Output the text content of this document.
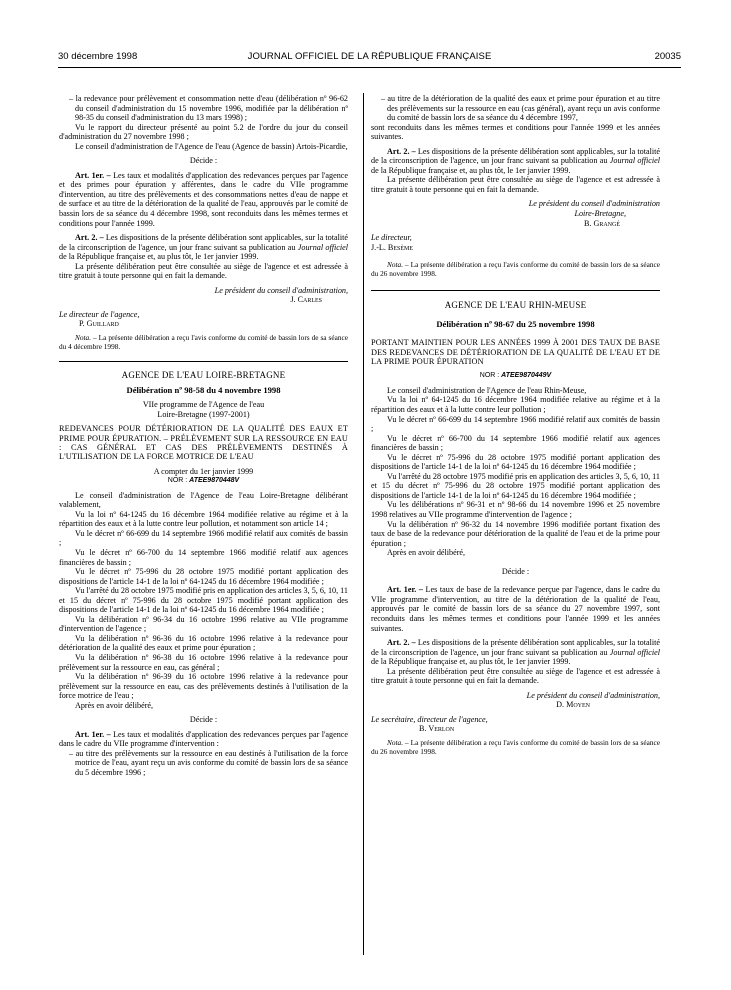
30 décembre 1998	JOURNAL OFFICIEL DE LA RÉPUBLIQUE FRANÇAISE	20035

– la redevance pour prélèvement et consommation nette d'eau (délibération nº 96-62 du conseil d'administration du 15 novembre 1996, modifiée par la délibération nº 98-35 du conseil d'administration du 13 mars 1998) ;

Vu le rapport du directeur présenté au point 5.2 de l'ordre du jour du conseil d'administration du 27 novembre 1998 ;

Le conseil d'administration de l'Agence de l'eau (Agence de bassin) Artois-Picardie,

Décide :

Art. 1er. – Les taux et modalités d'application des redevances perçues par l'agence et des primes pour épuration y afférentes, dans le cadre du VIIe programme d'intervention, au titre des prélèvements et des consommations nettes d'eau de nappe et de surface et au titre de la détérioration de la qualité de l'eau, approuvés par le comité de bassin lors de sa séance du 4 décembre 1998, sont reconduits dans les mêmes termes et conditions pour l'année 1999.

Art. 2. – Les dispositions de la présente délibération sont applicables, sur la totalité de la circonscription de l'agence, un jour franc suivant sa publication au Journal officiel de la République française et, au plus tôt, le 1er janvier 1999.

La présente délibération peut être consultée au siège de l'agence et est adressée à titre gratuit à toute personne qui en fait la demande.

Le président du conseil d'administration,

J. Carles

Le directeur de l'agence,

P. Guillard

Nota. – La présente délibération a reçu l'avis conforme du comité de bassin lors de sa séance du 4 décembre 1998.

AGENCE DE L'EAU LOIRE-BRETAGNE

Délibération nº 98-58 du 4 novembre 1998

VIIe programme de l'Agence de l'eau

Loire-Bretagne (1997-2001)

REDEVANCES POUR DÉTÉRIORATION DE LA QUALITÉ DES EAUX ET PRIME POUR ÉPURATION. – PRÉLÈVEMENT SUR LA RESSOURCE EN EAU : CAS GÉNÉRAL ET CAS DES PRÉLÈVEMENTS DESTINÉS À L'UTILISATION DE LA FORCE MOTRICE DE L'EAU

A compter du 1er janvier 1999

NOR : ATEE9870448V

Le conseil d'administration de l'Agence de l'eau Loire-Bretagne délibérant valablement,

Vu la loi nº 64-1245 du 16 décembre 1964 modifiée relative au régime et à la répartition des eaux et à la lutte contre leur pollution, et notamment son article 14 ;

Vu le décret nº 66-699 du 14 septembre 1966 modifié relatif aux comités de bassin ;

Vu le décret nº 66-700 du 14 septembre 1966 modifié relatif aux agences financières de bassin ;

Vu le décret nº 75-996 du 28 octobre 1975 modifié portant application des dispositions de l'article 14-1 de la loi nº 64-1245 du 16 décembre 1964 modifiée ;

Vu l'arrêté du 28 octobre 1975 modifié pris en application des articles 3, 5, 6, 10, 11 et 15 du décret nº 75-996 du 28 octobre 1975 modifié portant application des dispositions de l'article 14-1 de la loi nº 64-1245 du 16 décembre 1964 modifiée ;

Vu la délibération nº 96-34 du 16 octobre 1996 relative au VIIe programme d'intervention de l'agence ;

Vu la délibération nº 96-36 du 16 octobre 1996 relative à la redevance pour détérioration de la qualité des eaux et prime pour épuration ;

Vu la délibération nº 96-38 du 16 octobre 1996 relative à la redevance pour prélèvement sur la ressource en eau, cas général ;

Vu la délibération nº 96-39 du 16 octobre 1996 relative à la redevance pour prélèvement sur la ressource en eau, cas des prélèvements destinés à l'utilisation de la force motrice de l'eau ;

Après en avoir délibéré,

Décide :

Art. 1er. – Les taux et modalités d'application des redevances perçues par l'agence dans le cadre du VIIe programme d'intervention :

– au titre des prélèvements sur la ressource en eau destinés à l'utilisation de la force motrice de l'eau, ayant reçu un avis conforme du comité de bassin lors de sa séance du 5 décembre 1996 ;

– au titre de la détérioration de la qualité des eaux et prime pour épuration et au titre des prélèvements sur la ressource en eau (cas général), ayant reçu un avis conforme du comité de bassin lors de sa séance du 4 décembre 1997,

sont reconduits dans les mêmes termes et conditions pour l'année 1999 et les années suivantes.

Art. 2. – Les dispositions de la présente délibération sont applicables, sur la totalité de la circonscription de l'agence, un jour franc suivant sa publication au Journal officiel de la République française et, au plus tôt, le 1er janvier 1999.

La présente délibération peut être consultée au siège de l'agence et est adressée à titre gratuit à toute personne qui en fait la demande.

Le président du conseil d'administration

Loire-Bretagne,

B. Grangé

Le directeur,

J.-L. Besème

Nota. – La présente délibération a reçu l'avis conforme du comité de bassin lors de sa séance du 26 novembre 1998.

AGENCE DE L'EAU RHIN-MEUSE

Délibération nº 98-67 du 25 novembre 1998

PORTANT MAINTIEN POUR LES ANNÉES 1999 À 2001 DES TAUX DE BASE DES REDEVANCES DE DÉTÉRIORATION DE LA QUALITÉ DE L'EAU ET DE LA PRIME POUR ÉPURATION

NOR : ATEE9870449V

Le conseil d'administration de l'Agence de l'eau Rhin-Meuse,

Vu la loi nº 64-1245 du 16 décembre 1964 modifiée relative au régime et à la répartition des eaux et à la lutte contre leur pollution ;

Vu le décret nº 66-699 du 14 septembre 1966 modifié relatif aux comités de bassin ;

Vu le décret nº 66-700 du 14 septembre 1966 modifié relatif aux agences financières de bassin ;

Vu le décret nº 75-996 du 28 octobre 1975 modifié portant application des dispositions de l'article 14-1 de la loi nº 64-1245 du 16 décembre 1964 modifiée ;

Vu l'arrêté du 28 octobre 1975 modifié pris en application des articles 3, 5, 6, 10, 11 et 15 du décret nº 75-996 du 28 octobre 1975 modifié portant application des dispositions de l'article 14-1 de la loi nº 64-1245 du 16 décembre 1964 modifiée ;

Vu les délibérations nº 96-31 et nº 98-66 du 14 novembre 1996 et 25 novembre 1998 relatives au VIIe programme d'intervention de l'agence ;

Vu la délibération nº 96-32 du 14 novembre 1996 modifiée portant fixation des taux de base de la redevance pour détérioration de la qualité de l'eau et de la prime pour épuration ;

Après en avoir délibéré,

Décide :

Art. 1er. – Les taux de base de la redevance perçue par l'agence, dans le cadre du VIIe programme d'intervention, au titre de la détérioration de la qualité de l'eau, approuvés par le comité de bassin lors de sa séance du 27 novembre 1997, sont reconduits dans les mêmes termes et conditions pour l'année 1999 et les années suivantes.

Art. 2. – Les dispositions de la présente délibération sont applicables, sur la totalité de la circonscription de l'agence, un jour franc suivant sa publication au Journal officiel de la République française et, au plus tôt, le 1er janvier 1999.

La présente délibération peut être consultée au siège de l'agence et est adressée à titre gratuit à toute personne qui en fait la demande.

Le président du conseil d'administration,

D. Moyen

Le secrétaire, directeur de l'agence,

B. Verlon

Nota. – La présente délibération a reçu l'avis conforme du comité de bassin lors de sa séance du 26 novembre 1998.
